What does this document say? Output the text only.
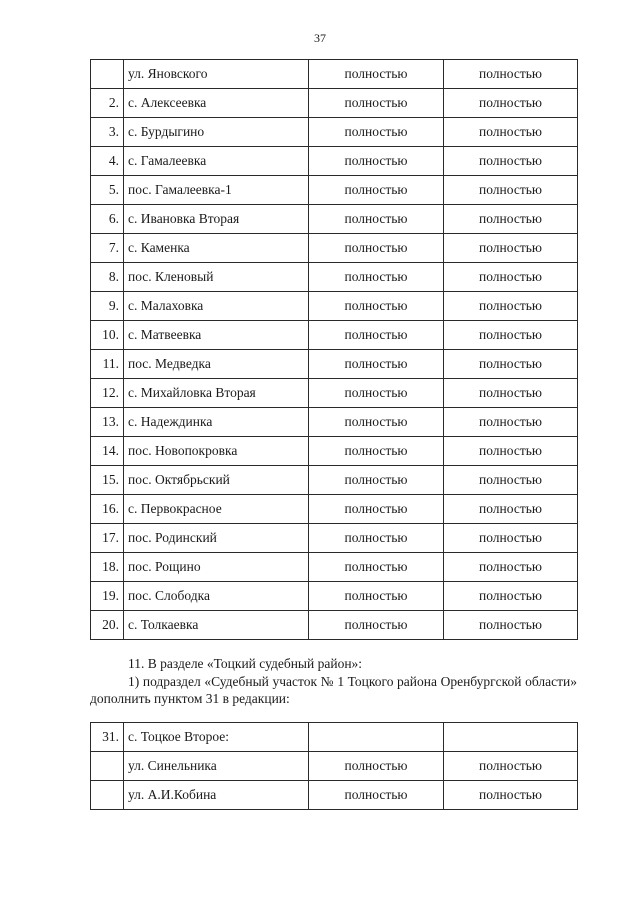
37
	ул. Яновского	полностью	полностью
2.	с. Алексеевка	полностью	полностью
3.	с. Бурдыгино	полностью	полностью
4.	с. Гамалеевка	полностью	полностью
5.	пос. Гамалеевка-1	полностью	полностью
6.	с. Ивановка Вторая	полностью	полностью
7.	с. Каменка	полностью	полностью
8.	пос. Кленовый	полностью	полностью
9.	с. Малаховка	полностью	полностью
10.	с. Матвеевка	полностью	полностью
11.	пос. Медведка	полностью	полностью
12.	с. Михайловка Вторая	полностью	полностью
13.	с. Надеждинка	полностью	полностью
14.	пос. Новопокровка	полностью	полностью
15.	пос. Октябрьский	полностью	полностью
16.	с. Первокрасное	полностью	полностью
17.	пос. Родинский	полностью	полностью
18.	пос. Рощино	полностью	полностью
19.	пос. Слободка	полностью	полностью
20.	с. Толкаевка	полностью	полностью
11. В разделе «Тоцкий судебный район»:
1) подраздел «Судебный участок № 1 Тоцкого района Оренбургской области» дополнить пунктом 31 в редакции:
31.	с. Тоцкое Второе:		
	ул. Синельника	полностью	полностью
	ул. А.И.Кобина	полностью	полностью
